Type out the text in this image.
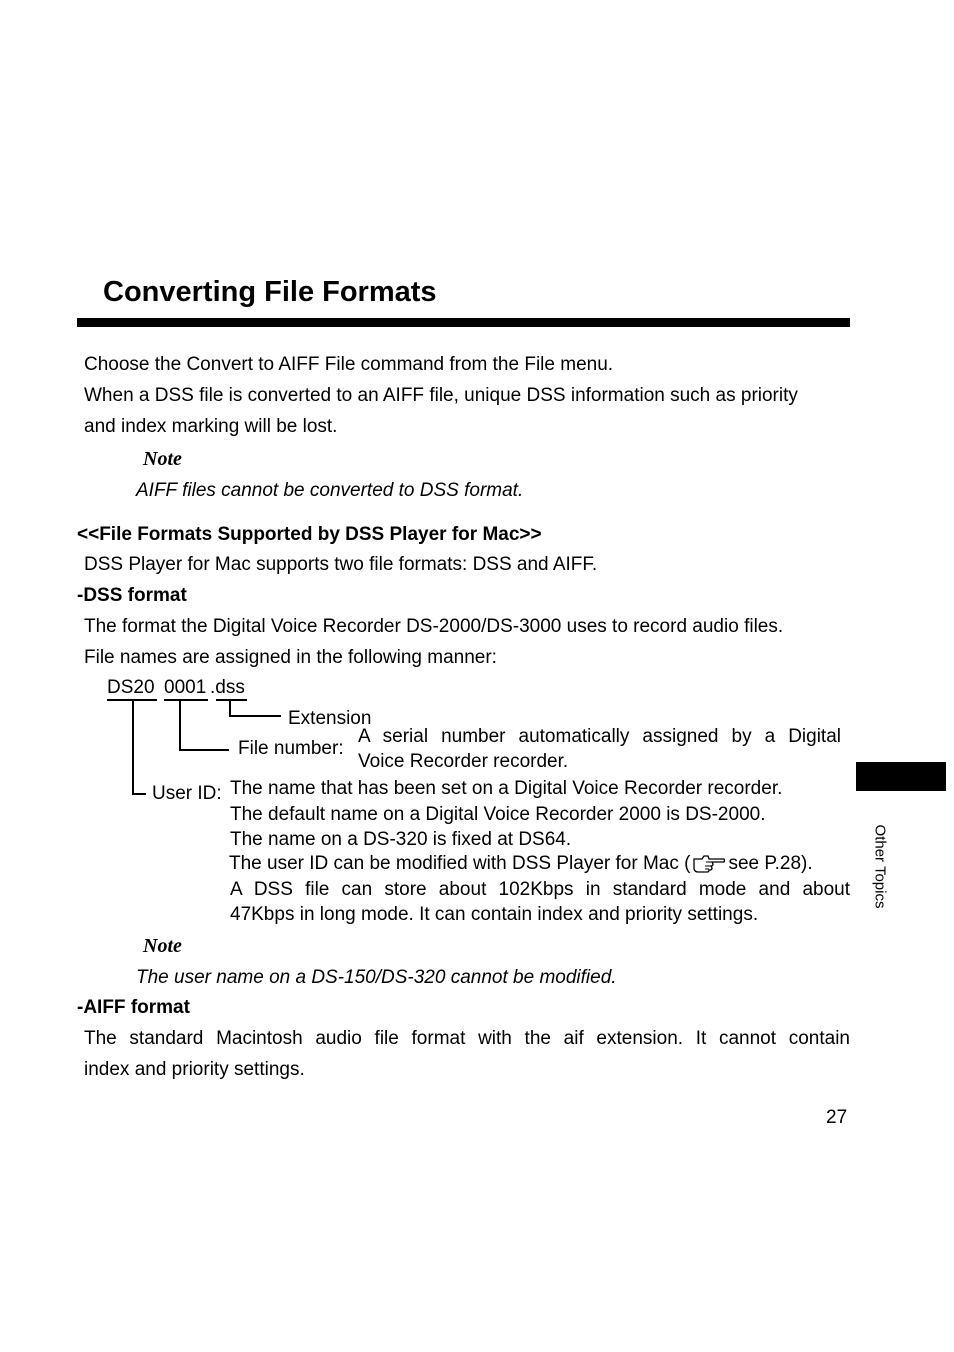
Converting File Formats
Choose the Convert to AIFF File command from the File menu.
When a DSS file is converted to an AIFF file, unique DSS information such as priority
and index marking will be lost.
Note
AIFF files cannot be converted to DSS format.
<<File Formats Supported by DSS Player for Mac>>
DSS Player for Mac supports two file formats: DSS and AIFF.
-DSS format
The format the Digital Voice Recorder DS-2000/DS-3000 uses to record audio files.
File names are assigned in the following manner:
DS20 0001 .dss
Extension
File number:
A serial number automatically assigned by a Digital
Voice Recorder recorder.
User ID: The name that has been set on a Digital Voice Recorder recorder.
The default name on a Digital Voice Recorder 2000 is DS-2000.
The name on a DS-320 is fixed at DS64.
The user ID can be modified with DSS Player for Mac ( see P.28).
A DSS file can store about 102Kbps in standard mode and about
47Kbps in long mode. It can contain index and priority settings.
Note
The user name on a DS-150/DS-320 cannot be modified.
-AIFF format
The standard Macintosh audio file format with the aif extension. It cannot contain
index and priority settings.
Other Topics
27
